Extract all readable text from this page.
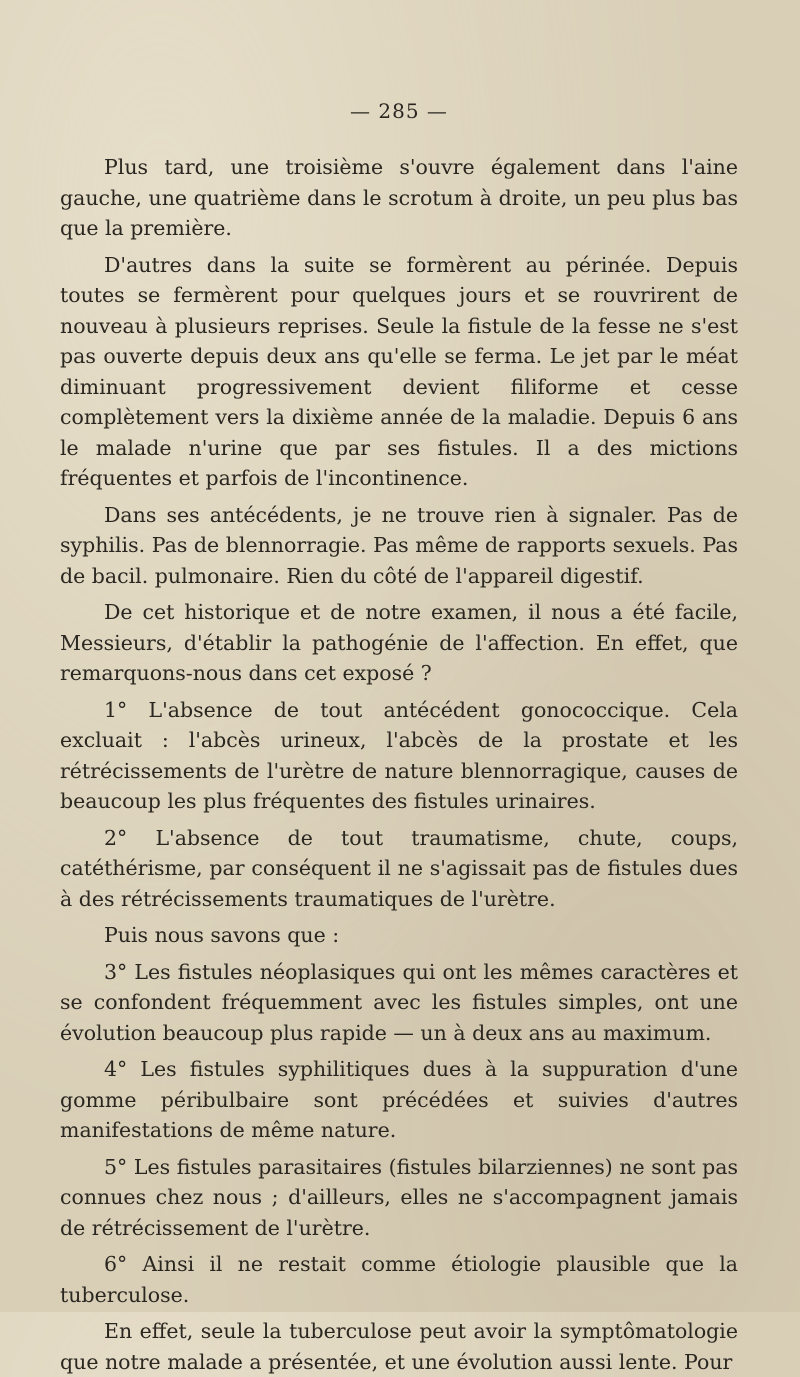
— 285 —

Plus tard, une troisième s'ouvre également dans l'aine gauche, une quatrième dans le scrotum à droite, un peu plus bas que la première.

D'autres dans la suite se formèrent au périnée. Depuis toutes se fermèrent pour quelques jours et se rouvrirent de nouveau à plusieurs reprises. Seule la fistule de la fesse ne s'est pas ouverte depuis deux ans qu'elle se ferma. Le jet par le méat diminuant progressivement devient filiforme et cesse complètement vers la dixième année de la maladie. Depuis 6 ans le malade n'urine que par ses fistules. Il a des mictions fréquentes et parfois de l'incontinence.

Dans ses antécédents, je ne trouve rien à signaler. Pas de syphilis. Pas de blennorragie. Pas même de rapports sexuels. Pas de bacil. pulmonaire. Rien du côté de l'appareil digestif.

De cet historique et de notre examen, il nous a été facile, Messieurs, d'établir la pathogénie de l'affection. En effet, que remarquons-nous dans cet exposé ?

1° L'absence de tout antécédent gonococcique. Cela excluait : l'abcès urineux, l'abcès de la prostate et les rétrécissements de l'urètre de nature blennorragique, causes de beaucoup les plus fréquentes des fistules urinaires.

2° L'absence de tout traumatisme, chute, coups, catéthérisme, par conséquent il ne s'agissait pas de fistules dues à des rétrécissements traumatiques de l'urètre.

Puis nous savons que :

3° Les fistules néoplasiques qui ont les mêmes caractères et se confondent fréquemment avec les fistules simples, ont une évolution beaucoup plus rapide — un à deux ans au maximum.

4° Les fistules syphilitiques dues à la suppuration d'une gomme péribulbaire sont précédées et suivies d'autres manifestations de même nature.

5° Les fistules parasitaires (fistules bilarziennes) ne sont pas connues chez nous ; d'ailleurs, elles ne s'accompagnent jamais de rétrécissement de l'urètre.

6° Ainsi il ne restait comme étiologie plausible que la tuberculose.

En effet, seule la tuberculose peut avoir la symptômatologie que notre malade a présentée, et une évolution aussi lente. Pour
